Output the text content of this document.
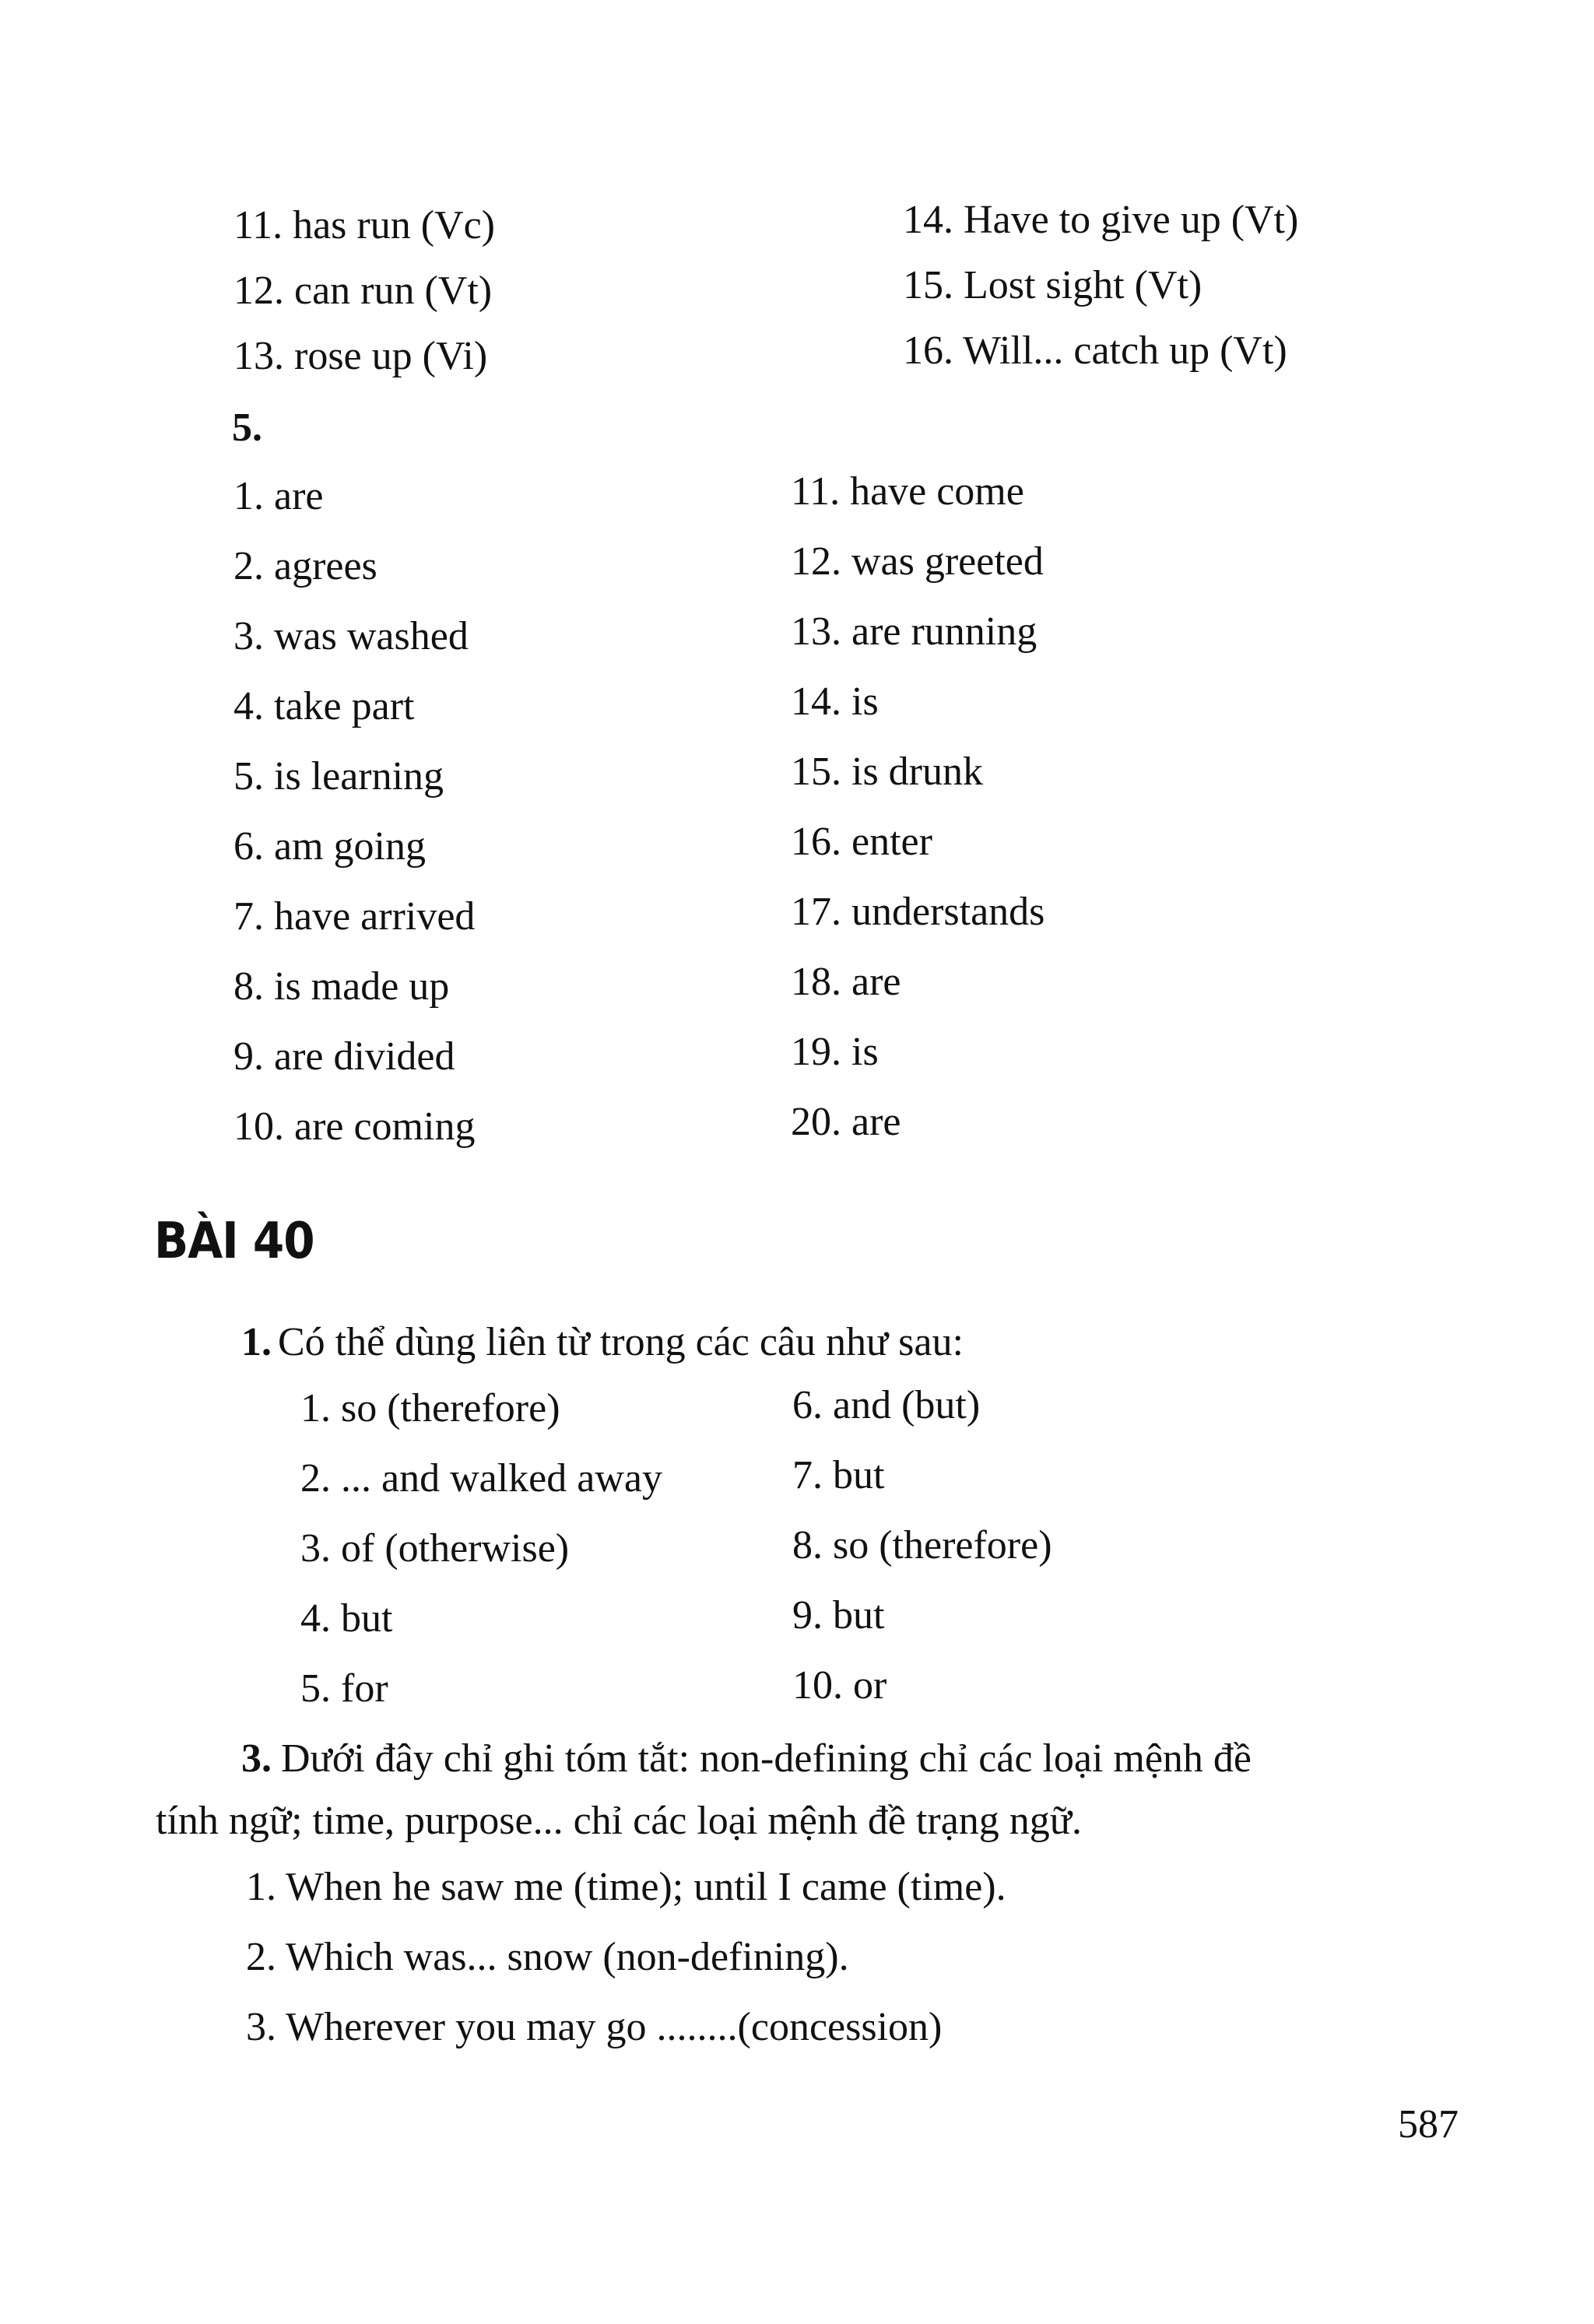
11. has run (Vc)
12. can run (Vt)
13. rose up (Vi)
14. Have to give up (Vt)
15. Lost sight (Vt)
16. Will... catch up (Vt)
5.
1. are
2. agrees
3. was washed
4. take part
5. is learning
6. am going
7. have arrived
8. is made up
9. are divided
10. are coming
11. have come
12. was greeted
13. are running
14. is
15. is drunk
16. enter
17. understands
18. are
19. is
20. are
BÀI 40
1. Có thể dùng liên từ trong các câu như sau:
1. so (therefore)
2. ... and walked away
3. of (otherwise)
4. but
5. for
6. and (but)
7. but
8. so (therefore)
9. but
10. or
3. Dưới đây chỉ ghi tóm tắt: non-defining chỉ các loại mệnh đề
tính ngữ; time, purpose... chỉ các loại mệnh đề trạng ngữ.
1. When he saw me (time); until I came (time).
2. Which was... snow (non-defining).
3. Wherever you may go ........(concession)
587
